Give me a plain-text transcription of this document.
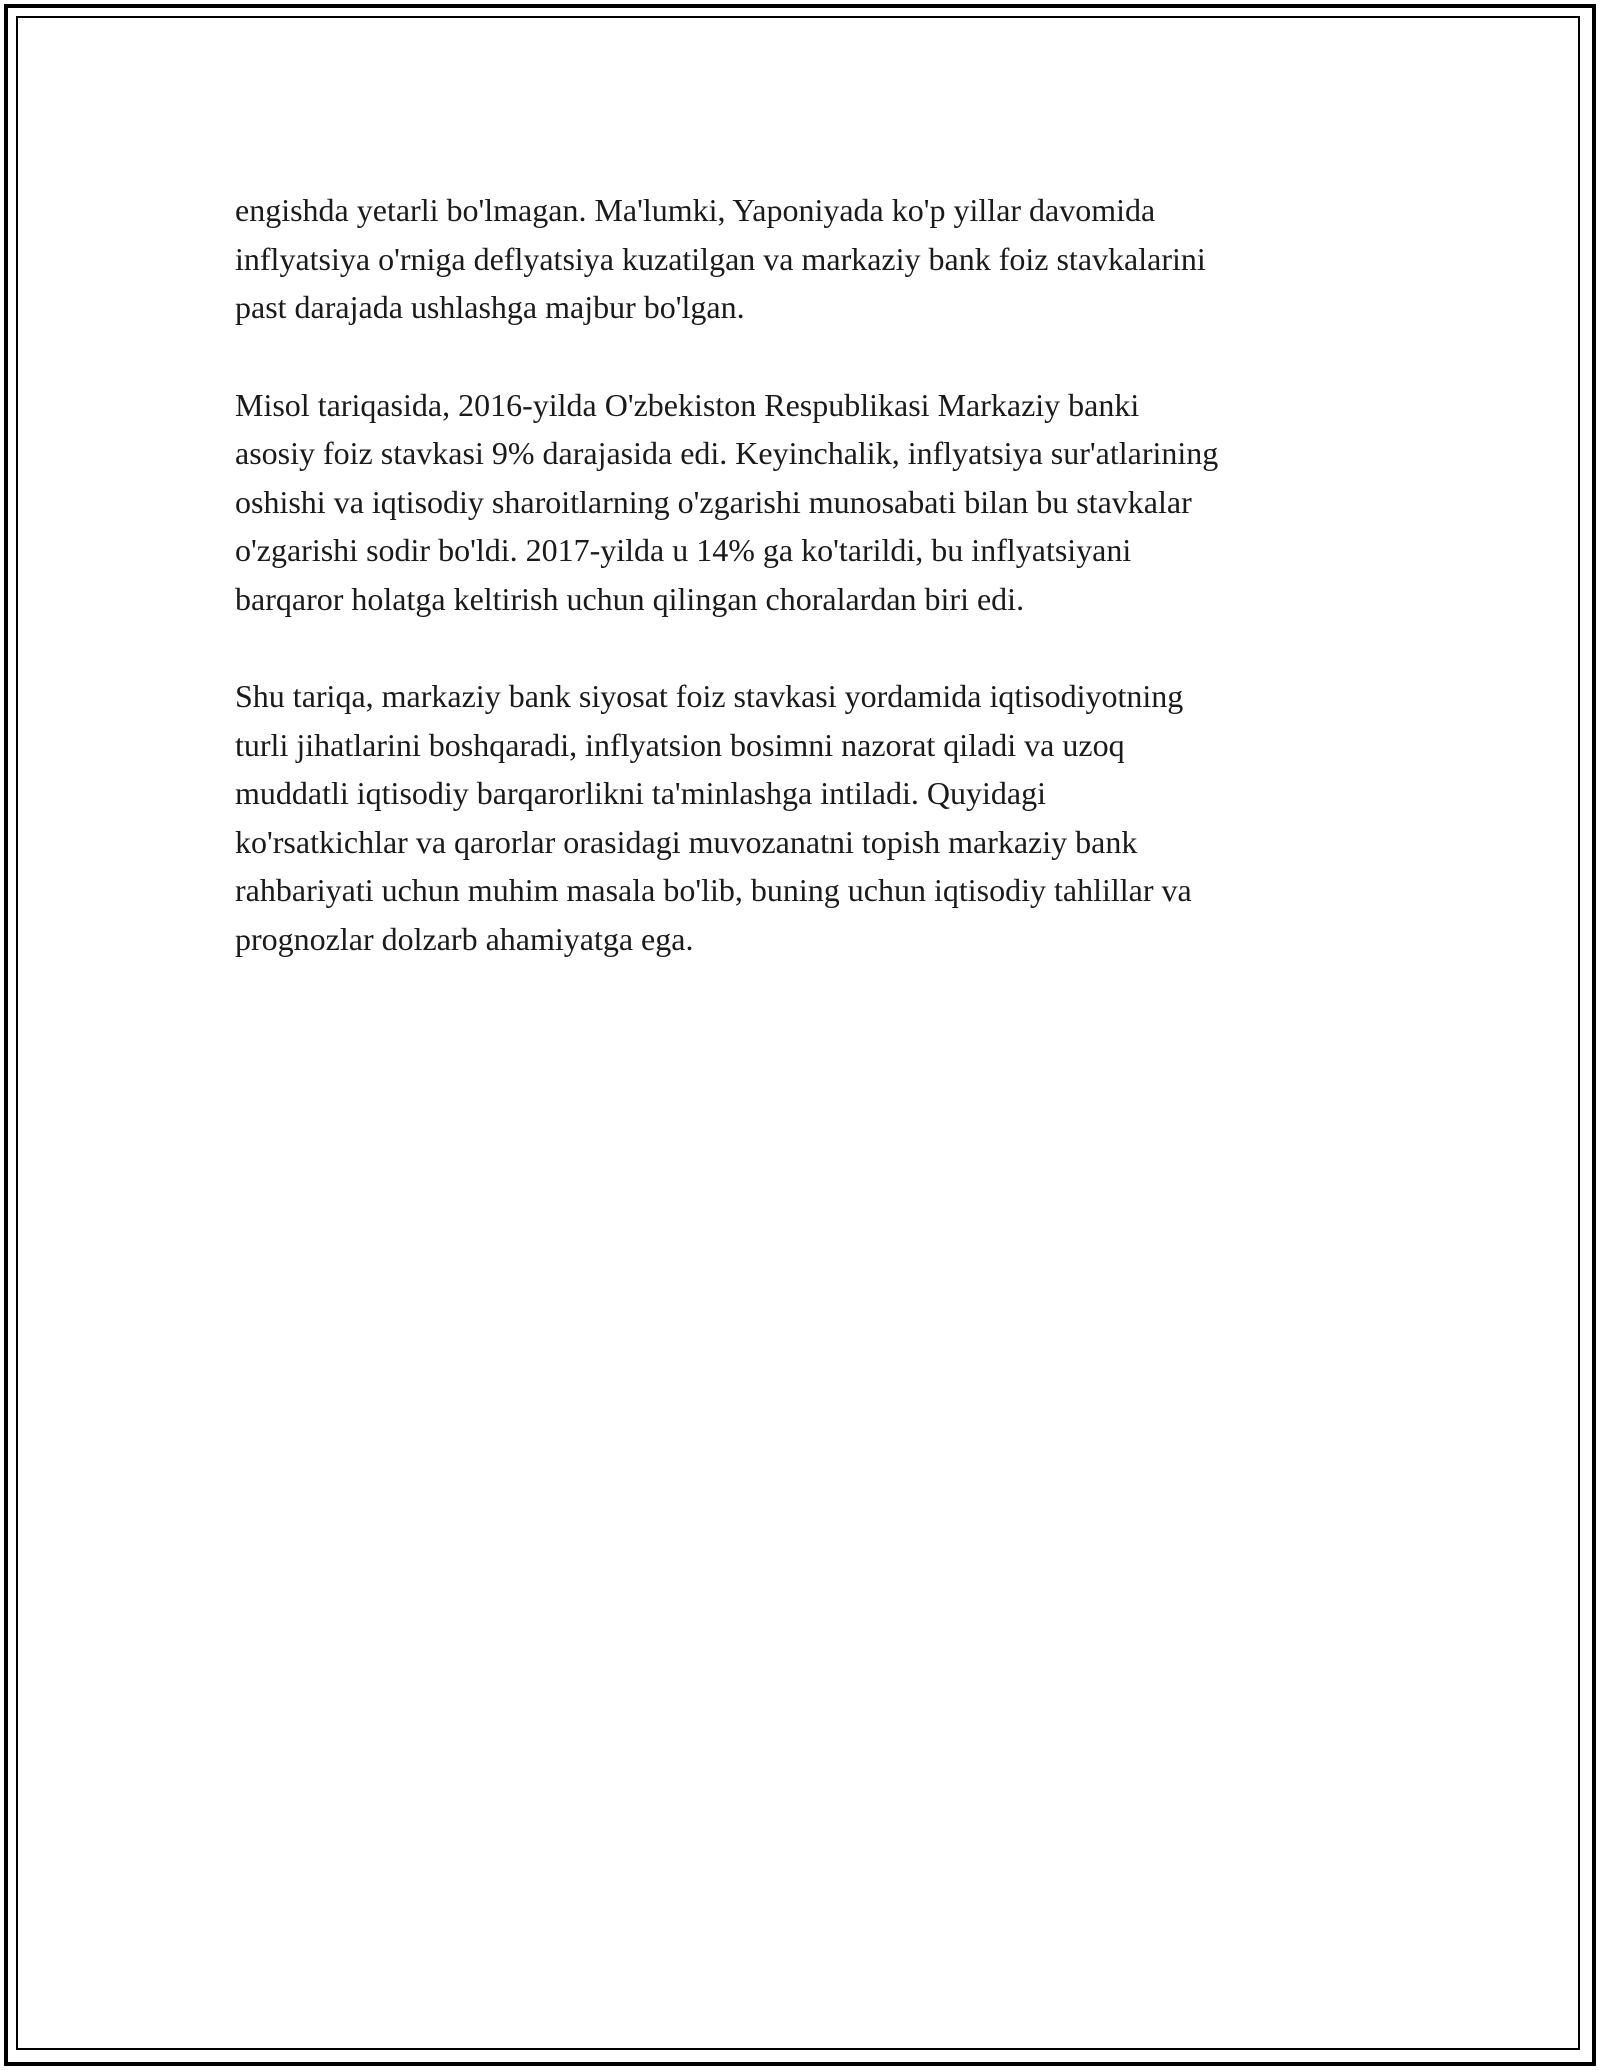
engishda yetarli bo'lmagan. Ma'lumki, Yaponiyada ko'p yillar davomida
inflyatsiya o'rniga deflyatsiya kuzatilgan va markaziy bank foiz stavkalarini
past darajada ushlashga majbur bo'lgan.

Misol tariqasida, 2016-yilda O'zbekiston Respublikasi Markaziy banki
asosiy foiz stavkasi 9% darajasida edi. Keyinchalik, inflyatsiya sur'atlarining
oshishi va iqtisodiy sharoitlarning o'zgarishi munosabati bilan bu stavkalar
o'zgarishi sodir bo'ldi. 2017-yilda u 14% ga ko'tarildi, bu inflyatsiyani
barqaror holatga keltirish uchun qilingan choralardan biri edi.

Shu tariqa, markaziy bank siyosat foiz stavkasi yordamida iqtisodiyotning
turli jihatlarini boshqaradi, inflyatsion bosimni nazorat qiladi va uzoq
muddatli iqtisodiy barqarorlikni ta'minlashga intiladi. Quyidagi
ko'rsatkichlar va qarorlar orasidagi muvozanatni topish markaziy bank
rahbariyati uchun muhim masala bo'lib, buning uchun iqtisodiy tahlillar va
prognozlar dolzarb ahamiyatga ega.
